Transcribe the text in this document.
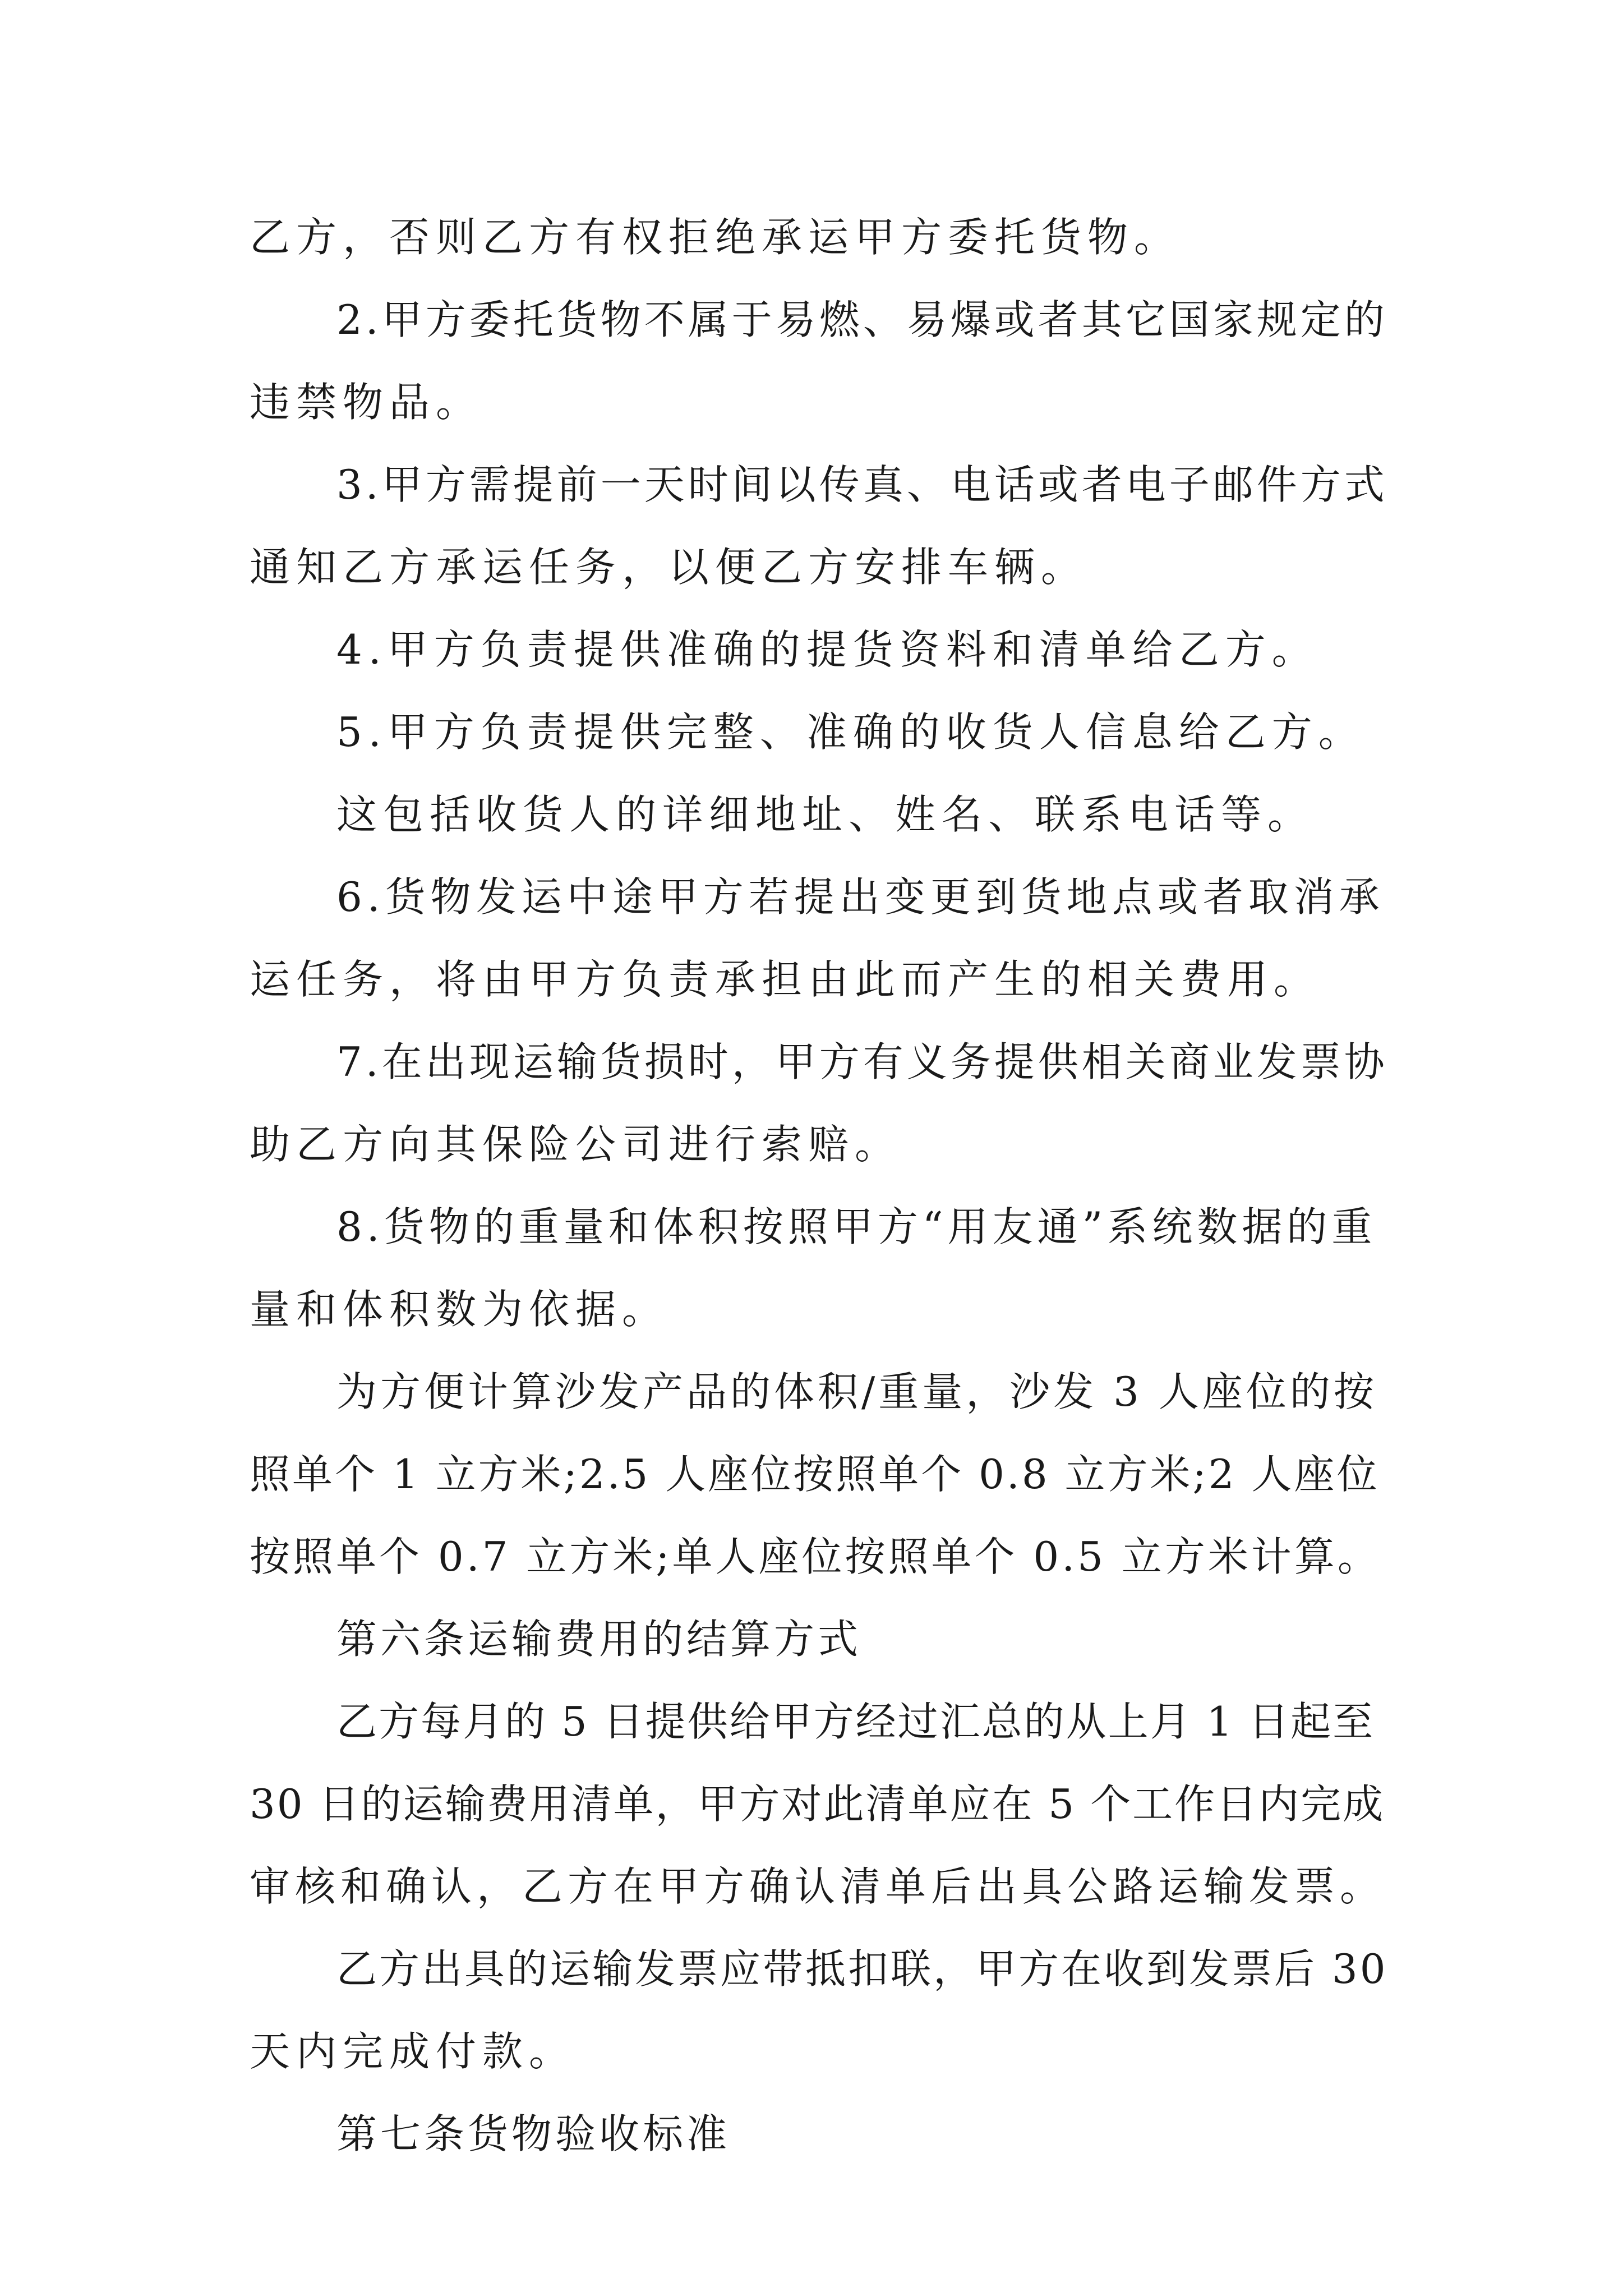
乙方，否则乙方有权拒绝承运甲方委托货物。
2.甲方委托货物不属于易燃、易爆或者其它国家规定的
违禁物品。
3.甲方需提前一天时间以传真、电话或者电子邮件方式
通知乙方承运任务，以便乙方安排车辆。
4.甲方负责提供准确的提货资料和清单给乙方。
5.甲方负责提供完整、准确的收货人信息给乙方。
这包括收货人的详细地址、姓名、联系电话等。
6.货物发运中途甲方若提出变更到货地点或者取消承
运任务，将由甲方负责承担由此而产生的相关费用。
7.在出现运输货损时，甲方有义务提供相关商业发票协
助乙方向其保险公司进行索赔。
8.货物的重量和体积按照甲方“用友通”系统数据的重
量和体积数为依据。
为方便计算沙发产品的体积/重量，沙发 3 人座位的按
照单个 1 立方米;2.5 人座位按照单个 0.8 立方米;2 人座位
按照单个 0.7 立方米;单人座位按照单个 0.5 立方米计算。
第六条运输费用的结算方式
乙方每月的 5 日提供给甲方经过汇总的从上月 1 日起至
30 日的运输费用清单，甲方对此清单应在 5 个工作日内完成
审核和确认，乙方在甲方确认清单后出具公路运输发票。
乙方出具的运输发票应带抵扣联，甲方在收到发票后 30
天内完成付款。
第七条货物验收标准
